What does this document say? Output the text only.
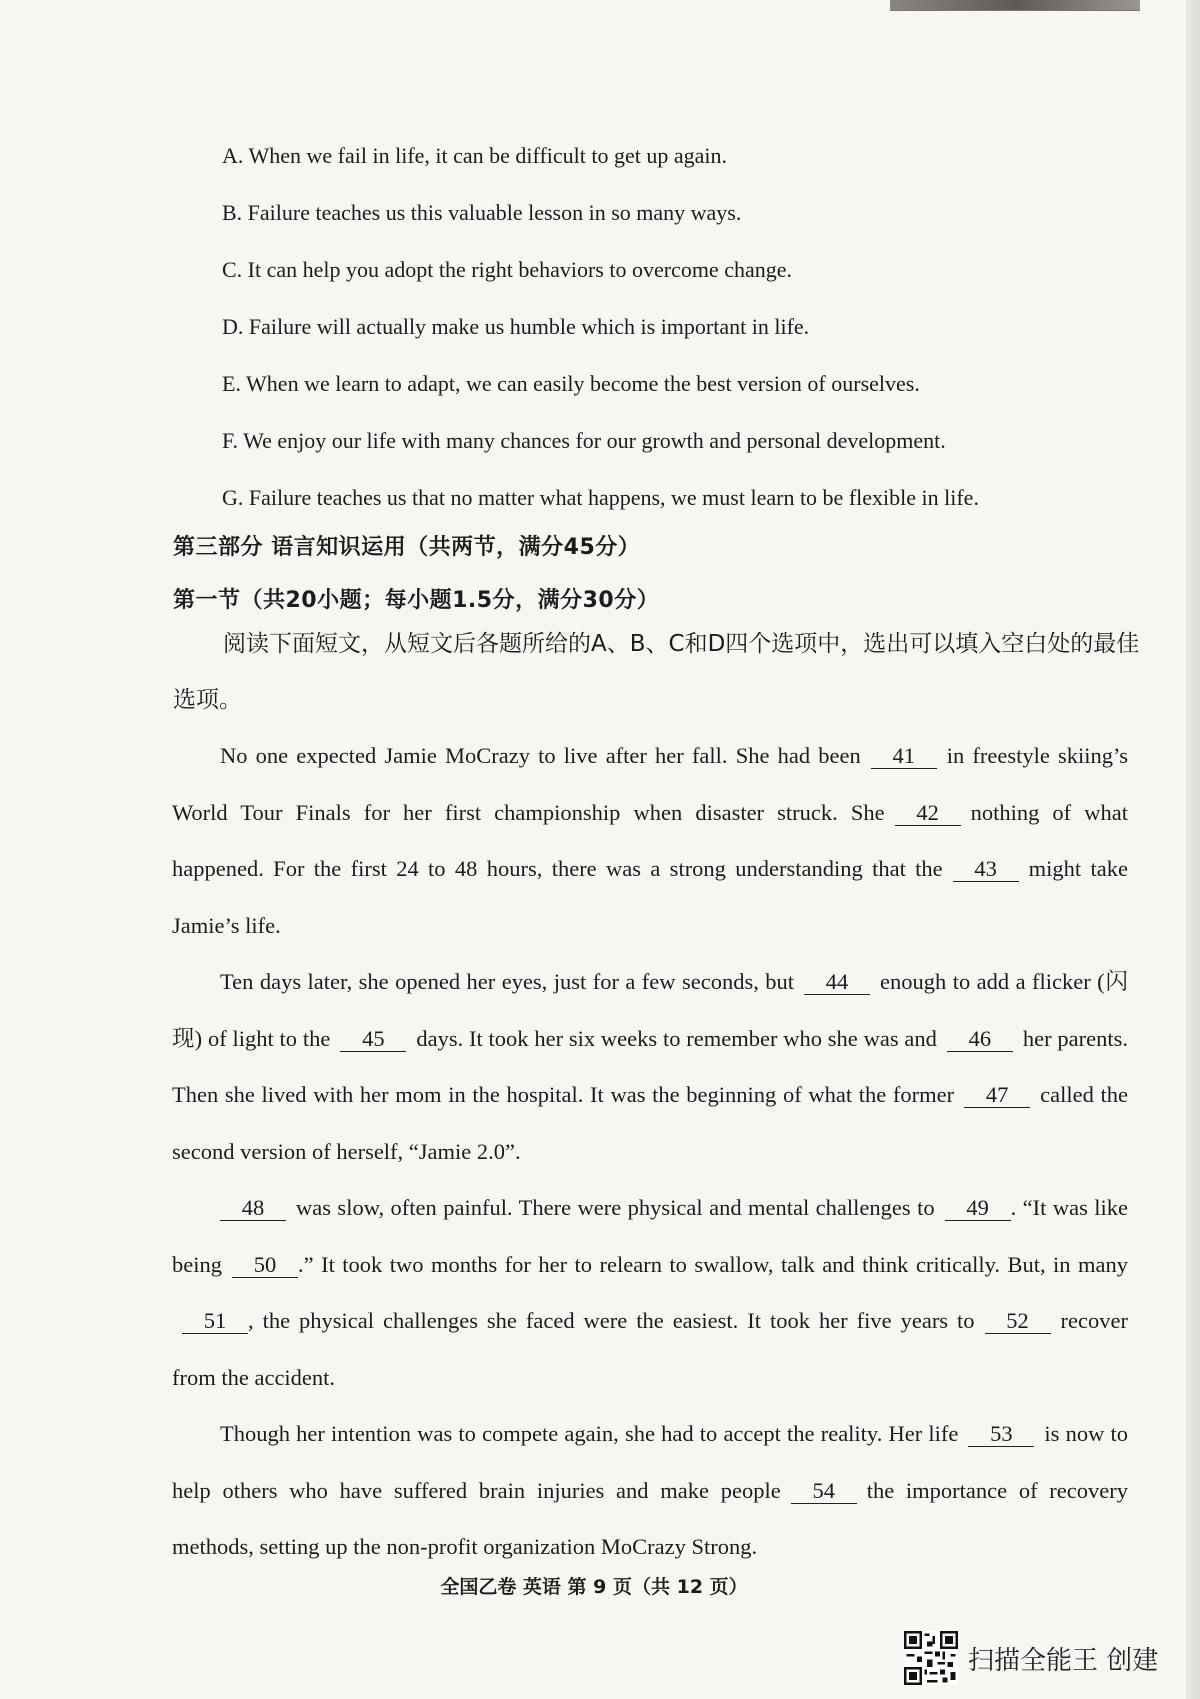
A. When we fail in life, it can be difficult to get up again.
B. Failure teaches us this valuable lesson in so many ways.
C. It can help you adopt the right behaviors to overcome change.
D. Failure will actually make us humble which is important in life.
E. When we learn to adapt, we can easily become the best version of ourselves.
F. We enjoy our life with many chances for our growth and personal development.
G. Failure teaches us that no matter what happens, we must learn to be flexible in life.
第三部分 语言知识运用（共两节，满分45分）
第一节（共20小题；每小题1.5分，满分30分）
阅读下面短文，从短文后各题所给的A、B、C和D四个选项中，选出可以填入空白处的最佳选项。

No one expected Jamie MoCrazy to live after her fall. She had been 41 in freestyle skiing’s World Tour Finals for her first championship when disaster struck. She 42 nothing of what happened. For the first 24 to 48 hours, there was a strong understanding that the 43 might take Jamie’s life.

Ten days later, she opened her eyes, just for a few seconds, but 44 enough to add a flicker (闪现) of light to the 45 days. It took her six weeks to remember who she was and 46 her parents. Then she lived with her mom in the hospital. It was the beginning of what the former 47 called the second version of herself, “Jamie 2.0”.

48 was slow, often painful. There were physical and mental challenges to 49 . “It was like being 50 .” It took two months for her to relearn to swallow, talk and think critically. But, in many51 , the physical challenges she faced were the easiest. It took her five years to 52 recover from the accident.

Though her intention was to compete again, she had to accept the reality. Her life 53 is now to help others who have suffered brain injuries and make people 54 the importance of recovery methods, setting up the non-profit organization MoCrazy Strong.

全国乙卷 英语 第 9 页（共 12 页）
扫描全能王 创建
